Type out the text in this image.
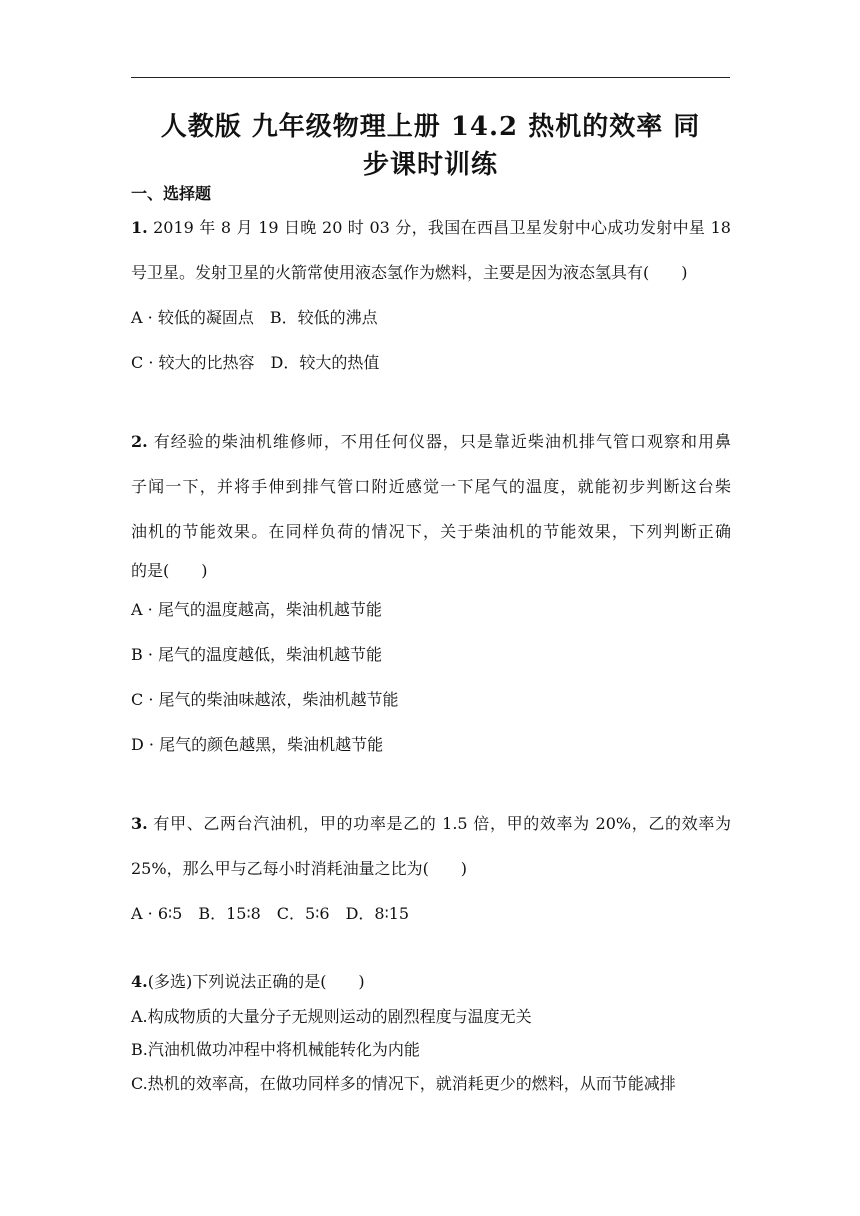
人教版 九年级物理上册 14.2 热机的效率 同
步课时训练
一、选择题
1. 2019 年 8 月 19 日晚 20 时 03 分，我国在西昌卫星发射中心成功发射中星 18
号卫星。发射卫星的火箭常使用液态氢作为燃料，主要是因为液态氢具有(　　)
A · 较低的凝固点　B．较低的沸点
C · 较大的比热容　D．较大的热值
2. 有经验的柴油机维修师，不用任何仪器，只是靠近柴油机排气管口观察和用鼻
子闻一下，并将手伸到排气管口附近感觉一下尾气的温度，就能初步判断这台柴
油机的节能效果。在同样负荷的情况下，关于柴油机的节能效果，下列判断正确
的是(　　)
A · 尾气的温度越高，柴油机越节能
B · 尾气的温度越低，柴油机越节能
C · 尾气的柴油味越浓，柴油机越节能
D · 尾气的颜色越黑，柴油机越节能
3. 有甲、乙两台汽油机，甲的功率是乙的 1.5 倍，甲的效率为 20%，乙的效率为
25%，那么甲与乙每小时消耗油量之比为(　　)
A · 6∶5　B．15∶8　C．5∶6　D．8∶15
4.(多选)下列说法正确的是(　　)
A.构成物质的大量分子无规则运动的剧烈程度与温度无关
B.汽油机做功冲程中将机械能转化为内能
C.热机的效率高，在做功同样多的情况下，就消耗更少的燃料，从而节能减排
